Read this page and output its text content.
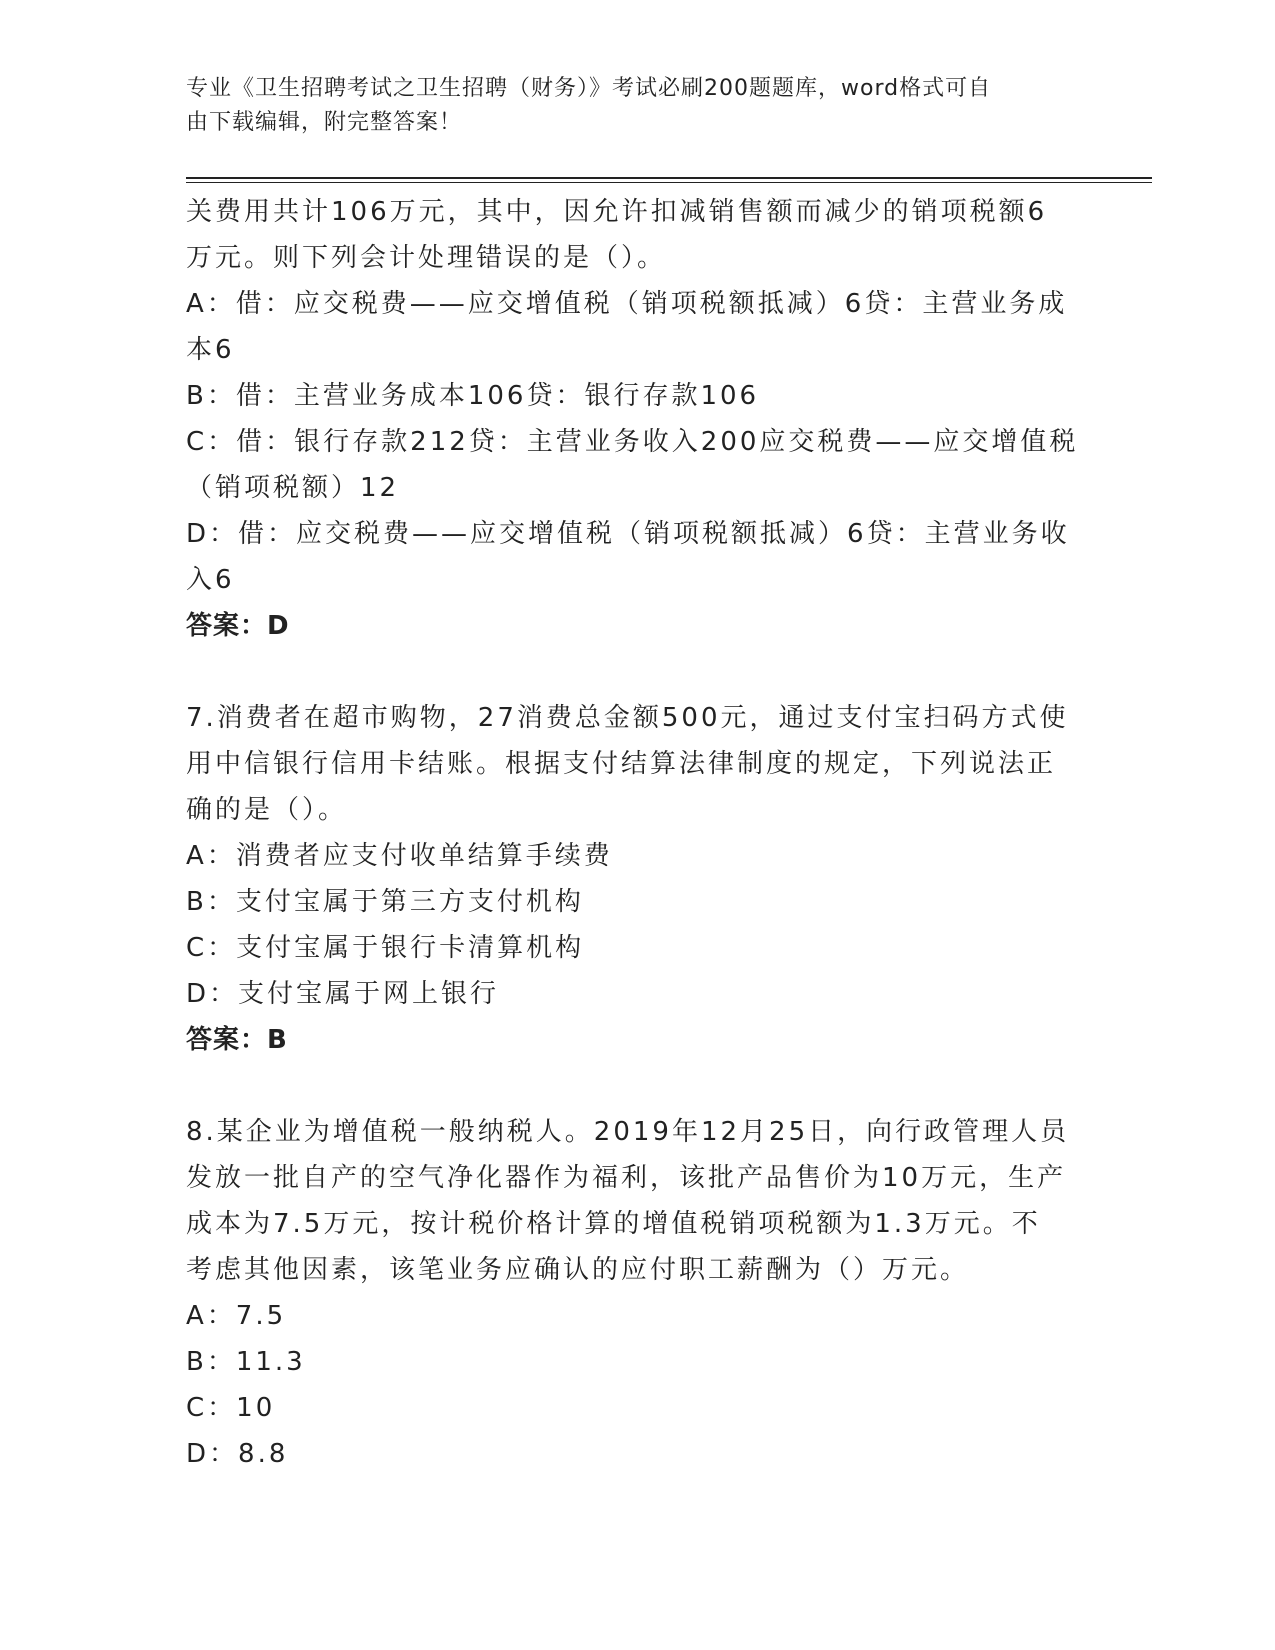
专业《卫生招聘考试之卫生招聘（财务）》考试必刷200题题库，word格式可自
由下载编辑，附完整答案！
关费用共计106万元，其中，因允许扣减销售额而减少的销项税额6
万元。则下列会计处理错误的是（）。
A：借：应交税费——应交增值税（销项税额抵减）6贷：主营业务成
本6
B：借：主营业务成本106贷：银行存款106
C：借：银行存款212贷：主营业务收入200应交税费——应交增值税
（销项税额）12
D：借：应交税费——应交增值税（销项税额抵减）6贷：主营业务收
入6
答案：D
7.消费者在超市购物，27消费总金额500元，通过支付宝扫码方式使
用中信银行信用卡结账。根据支付结算法律制度的规定，下列说法正
确的是（）。
A：消费者应支付收单结算手续费
B：支付宝属于第三方支付机构
C：支付宝属于银行卡清算机构
D：支付宝属于网上银行
答案：B
8.某企业为增值税一般纳税人。2019年12月25日，向行政管理人员
发放一批自产的空气净化器作为福利，该批产品售价为10万元，生产
成本为7.5万元，按计税价格计算的增值税销项税额为1.3万元。不
考虑其他因素，该笔业务应确认的应付职工薪酬为（）万元。
A：7.5
B：11.3
C：10
D：8.8
